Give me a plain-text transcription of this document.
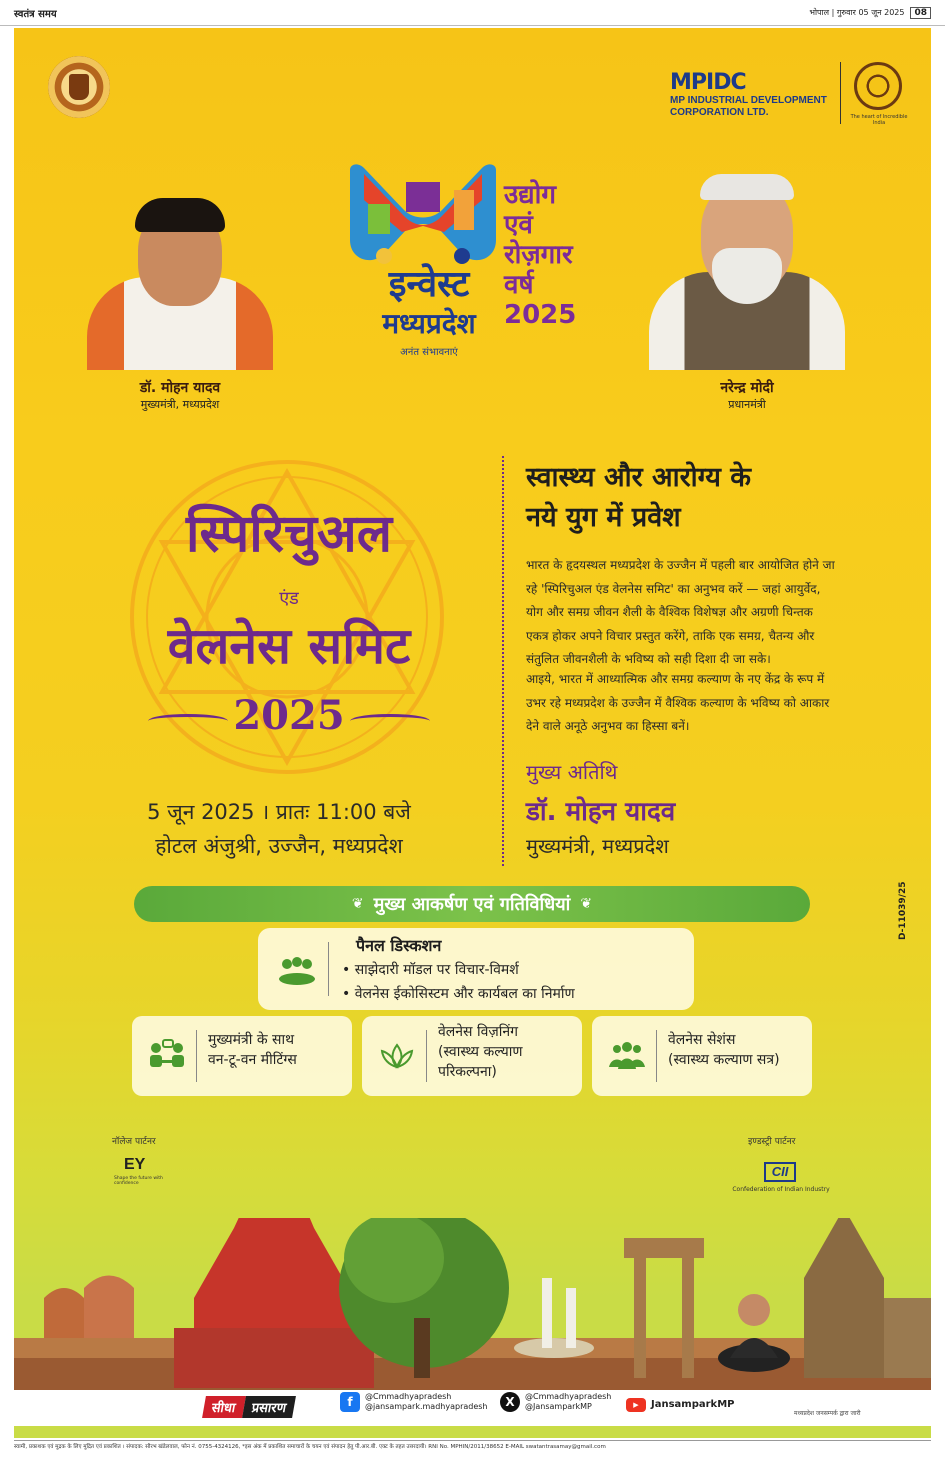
स्वतंत्र समय	भोपाल | गुरुवार 05 जून 2025	08
MPIDC
MP INDUSTRIAL DEVELOPMENT
CORPORATION LTD.	The heart of Incredible India
डॉ. मोहन यादव
मुख्यमंत्री, मध्यप्रदेश
नरेन्द्र मोदी
प्रधानमंत्री
इन्वेस्ट
मध्यप्रदेश
अनंत संभावनाएं
उद्योग
एवं
रोज़गार
वर्ष
2025
स्पिरिचुअल
एंड
वेलनेस समिट
2025
5 जून 2025 । प्रातः 11:00 बजे
होटल अंजुश्री, उज्जैन, मध्यप्रदेश
स्वास्थ्य और आरोग्य के
नये युग में प्रवेश
भारत के हृदयस्थल मध्यप्रदेश के उज्जैन में पहली बार आयोजित होने जा
रहे 'स्पिरिचुअल एंड वेलनेस समिट' का अनुभव करें — जहां आयुर्वेद,
योग और समग्र जीवन शैली के वैश्विक विशेषज्ञ और अग्रणी चिन्तक
एकत्र होकर अपने विचार प्रस्तुत करेंगे, ताकि एक समग्र, चैतन्य और
संतुलित जीवनशैली के भविष्य को सही दिशा दी जा सके।
आइये, भारत में आध्यात्मिक और समग्र कल्याण के नए केंद्र के रूप में
उभर रहे मध्यप्रदेश के उज्जैन में वैश्विक कल्याण के भविष्य को आकार
देने वाले अनूठे अनुभव का हिस्सा बनें।
मुख्य अतिथि
डॉ. मोहन यादव
मुख्यमंत्री, मध्यप्रदेश
❦ मुख्य आकर्षण एवं गतिविधियां ❦
पैनल डिस्कशन
• साझेदारी मॉडल पर विचार-विमर्श
• वेलनेस ईकोसिस्टम और कार्यबल का निर्माण
मुख्यमंत्री के साथ
वन-टू-वन मीटिंग्स
वेलनेस विज़निंग
(स्वास्थ्य कल्याण
परिकल्पना)
वेलनेस सेशंस
(स्वास्थ्य कल्याण सत्र)
नॉलेज पार्टनर
EY
Shape the future with confidence
इण्डस्ट्री पार्टनर
CII
Confederation of Indian Industry
सीधा	प्रसारण	f	@Cmmadhyapradesh
@jansampark.madhyapradesh	X	@Cmmadhyapradesh
@JansamparkMP	▶	JansamparkMP
मध्यप्रदेश जनसम्पर्क द्वारा जारी
D-11039/25
स्वामी, प्रकाशक एवं मुद्रक के लिए मुद्रित एवं प्रकाशित । संपादक: सौरभ खंडेलवाल, फोन नं. 0755-4324126, *इस अंक में प्रकाशित समाचारों के चयन एवं संपादन हेतु पी.आर.बी. एक्ट के तहत उत्तरदायी। RNI No. MPHIN/2011/38652 E-MAIL swatantrasamay@gmail.com
